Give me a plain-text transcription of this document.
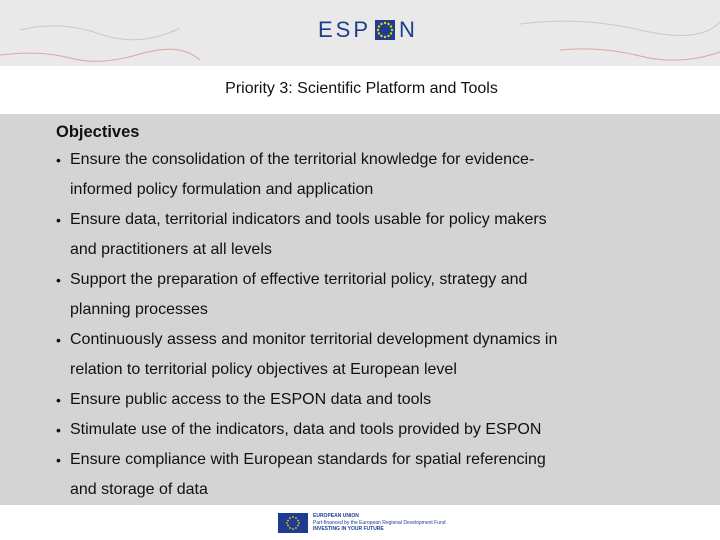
ESP N
Priority 3: Scientific Platform and Tools
Objectives
• Ensure the consolidation of the territorial knowledge for evidence-
informed policy formulation and application
• Ensure data, territorial indicators and tools usable for policy makers
and practitioners at all levels
• Support the preparation of effective territorial policy, strategy and
planning processes
• Continuously assess and monitor territorial development dynamics in
relation to territorial policy objectives at European level
• Ensure public access to the ESPON data and tools
• Stimulate use of the indicators, data and tools provided by ESPON
• Ensure compliance with European standards for spatial referencing
and storage of data
EUROPEAN UNION
Part-financed by the European Regional Development Fund
INVESTING IN YOUR FUTURE
